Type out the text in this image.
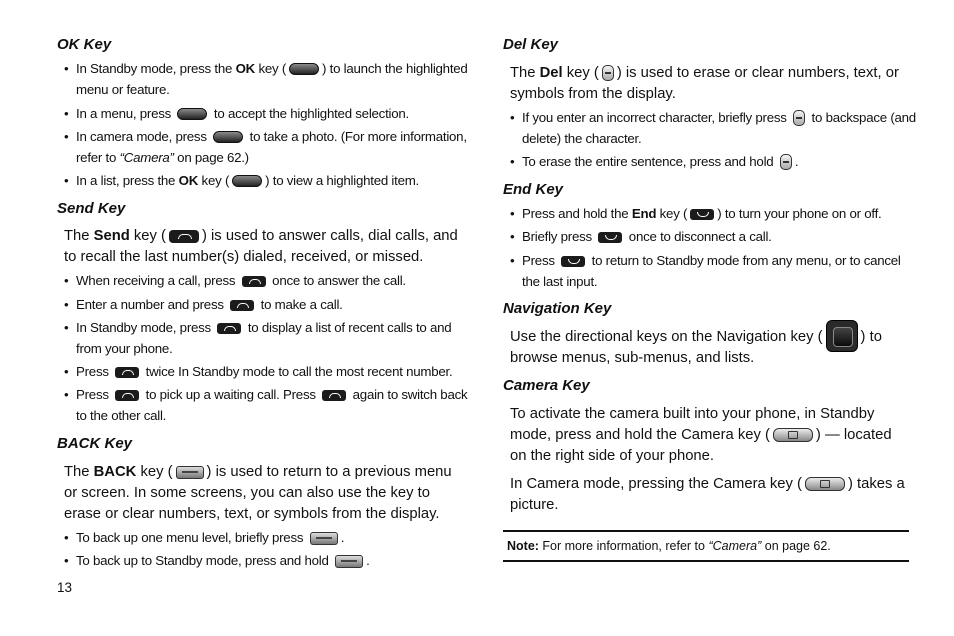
OK Key
• In Standby mode, press the OK key (	) to launch the highlighted menu or feature.
• In a menu, press	to accept the highlighted selection.
• In camera mode, press	to take a photo. (For more information, refer to “Camera” on page 62.)
• In a list, press the OK key (	) to view a highlighted item.
Send Key
The Send key ( ) is used to answer calls, dial calls, and to recall the last number(s) dialed, received, or missed.
• When receiving a call, press  once to answer the call.
• Enter a number and press  to make a call.
• In Standby mode, press  to display a list of recent calls to and from your phone.
• Press  twice In Standby mode to call the most recent number.
• Press  to pick up a waiting call. Press  again to switch back to the other call.
BACK Key
The BACK key ( ) is used to return to a previous menu or screen. In some screens, you can also use the key to erase or clear numbers, text, or symbols from the display.
• To back up one menu level, briefly press	.
• To back up to Standby mode, press and hold	.
13
Del Key
The Del key ( ) is used to erase or clear numbers, text, or symbols from the display.
• If you enter an incorrect character, briefly press  to backspace (and delete) the character.
• To erase the entire sentence, press and hold .
End Key
• Press and hold the End key ( ) to turn your phone on or off.
• Briefly press  once to disconnect a call.
• Press  to return to Standby mode from any menu, or to cancel the last input.
Navigation Key
Use the directional keys on the Navigation key (	) to browse menus, sub-menus, and lists.
Camera Key
To activate the camera built into your phone, in Standby mode, press and hold the Camera key (	) — located on the right side of your phone.
In Camera mode, pressing the Camera key (	) takes a picture.
Note: For more information, refer to “Camera” on page 62.
